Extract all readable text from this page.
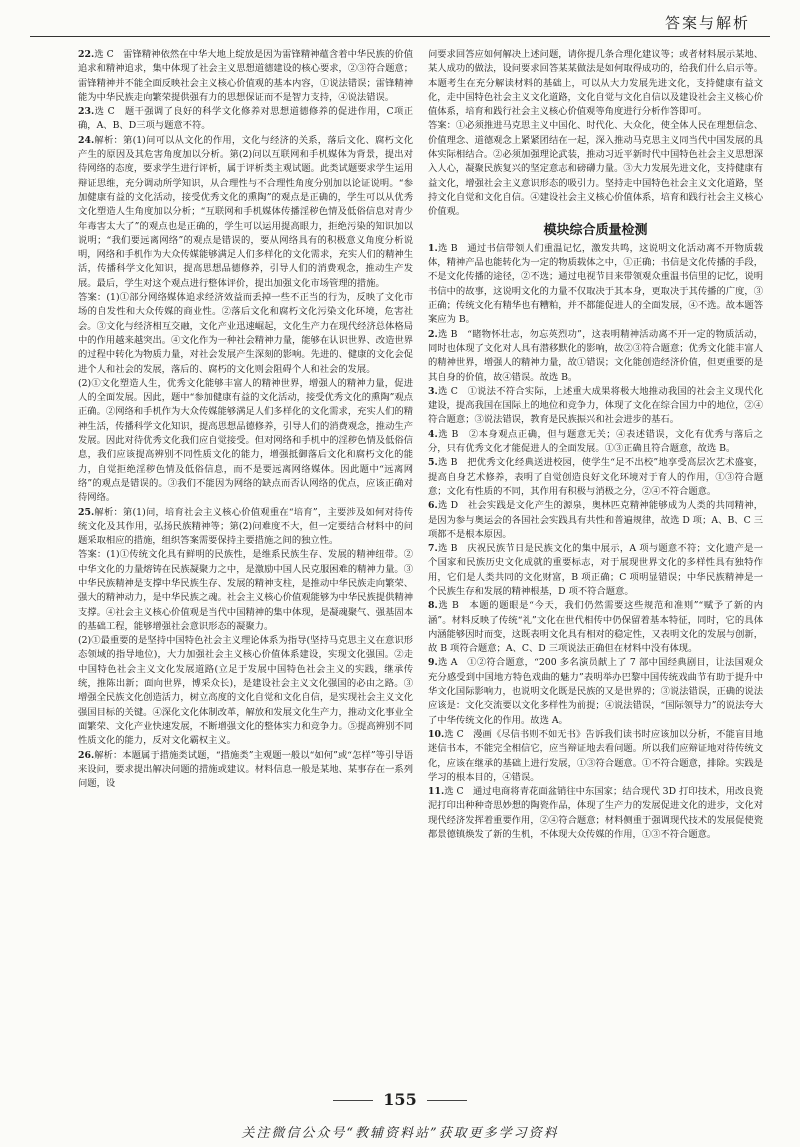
答案与解析
22.选 C　雷锋精神依然在中华大地上绽放是因为雷锋精神蕴含着中华民族的价值追求和精神追求，集中体现了社会主义思想道德建设的核心要求，②③符合题意；雷锋精神并不能全面反映社会主义核心价值观的基本内容，①说法错误；雷锋精神能为中华民族走向繁荣提供强有力的思想保证而不是智力支持，④说法错误。
23.选 C　题干强调了良好的科学文化修养对思想道德修养的促进作用，C项正确，A、B、D三项与题意不符。
24.解析：第(1)问可以从文化的作用，文化与经济的关系，落后文化、腐朽文化产生的原因及其危害角度加以分析。第(2)问以互联网和手机媒体为背景，提出对待网络的态度，要求学生进行评析，属于评析类主观试题。此类试题要求学生运用辩证思维，充分调动所学知识，从合理性与不合理性角度分别加以论证说明。“参加健康有益的文化活动，接受优秀文化的熏陶”的观点是正确的，学生可以从优秀文化塑造人生角度加以分析；“互联网和手机媒体传播淫秽色情及低俗信息对青少年毒害太大了”的观点也是正确的，学生可以运用提高眼力，拒绝污染的知识加以说明；“我们要远离网络”的观点是错误的，要从网络具有的积极意义角度分析说明，网络和手机作为大众传媒能够满足人们多样化的文化需求，充实人们的精神生活，传播科学文化知识，提高思想品德修养，引导人们的消费观念，推动生产发展。最后，学生对这个观点进行整体评价，提出加强文化市场管理的措施。
答案：(1)①部分网络媒体追求经济效益而丢掉一些不正当的行为，反映了文化市场的自发性和大众传媒的商业性。②落后文化和腐朽文化污染文化环境，危害社会。③文化与经济相互交融，文化产业迅速崛起，文化生产力在现代经济总体格局中的作用越来越突出。④文化作为一种社会精神力量，能够在认识世界、改造世界的过程中转化为物质力量，对社会发展产生深刻的影响。先进的、健康的文化会促进个人和社会的发展，落后的、腐朽的文化则会阻碍个人和社会的发展。
(2)①文化塑造人生，优秀文化能够丰富人的精神世界，增强人的精神力量，促进人的全面发展。因此，题中“参加健康有益的文化活动，接受优秀文化的熏陶”观点正确。②网络和手机作为大众传媒能够满足人们多样化的文化需求，充实人们的精神生活，传播科学文化知识，提高思想品德修养，引导人们的消费观念，推动生产发展。因此对待优秀文化我们应自觉接受。但对网络和手机中的淫秽色情及低俗信息，我们应该提高辨别不同性质文化的能力，增强抵御落后文化和腐朽文化的能力，自觉拒绝淫秽色情及低俗信息，而不是要远离网络媒体。因此题中“远离网络”的观点是错误的。③我们不能因为网络的缺点而否认网络的优点，应该正确对待网络。
25.解析：第(1)问，培育社会主义核心价值观重在“培育”，主要涉及如何对待传统文化及其作用，弘扬民族精神等；第(2)问难度不大，但一定要结合材料中的问题采取相应的措施，组织答案需要保持主要措施之间的独立性。
答案：(1)①传统文化具有鲜明的民族性，是维系民族生存、发展的精神纽带。②中华文化的力量熔铸在民族凝聚力之中，是激励中国人民克服困难的精神力量。③中华民族精神是支撑中华民族生存、发展的精神支柱，是推动中华民族走向繁荣、强大的精神动力，是中华民族之魂。社会主义核心价值观能够为中华民族提供精神支撑。④社会主义核心价值观是当代中国精神的集中体现，是凝魂聚气、强基固本的基础工程，能够增强社会意识形态的凝聚力。
(2)①最重要的是坚持中国特色社会主义理论体系为指导(坚持马克思主义在意识形态领域的指导地位)，大力加强社会主义核心价值体系建设，实现文化强国。②走中国特色社会主义文化发展道路(立足于发展中国特色社会主义的实践，继承传统，推陈出新；面向世界，博采众长)，是建设社会主义文化强国的必由之路。③增强全民族文化创造活力，树立高度的文化自觉和文化自信，是实现社会主义文化强国目标的关键。④深化文化体制改革，解放和发展文化生产力，推动文化事业全面繁荣、文化产业快速发展，不断增强文化的整体实力和竞争力。⑤提高辨别不同性质文化的能力，反对文化霸权主义。
26.解析：本题属于措施类试题，“措施类”主观题一般以“如何”或“怎样”等引导语来设问，要求提出解决问题的措施或建议。材料信息一般是某地、某事存在一系列问题，设
问要求回答应如何解决上述问题，请你提几条合理化建议等；或者材料展示某地、某人成功的做法，设问要求回答某某做法是如何取得成功的，给我们什么启示等。本题考生在充分解读材料的基础上，可以从大力发展先进文化，支持健康有益文化，走中国特色社会主义文化道路，文化自觉与文化自信以及建设社会主义核心价值体系，培育和践行社会主义核心价值观等角度进行分析作答即可。
答案：①必须推进马克思主义中国化、时代化、大众化，使全体人民在理想信念、价值理念、道德观念上紧紧团结在一起，深入推动马克思主义同当代中国发展的具体实际相结合。②必须加强理论武装，推动习近平新时代中国特色社会主义思想深入人心，凝聚民族复兴的坚定意志和磅礴力量。③大力发展先进文化，支持健康有益文化，增强社会主义意识形态的吸引力。坚持走中国特色社会主义文化道路，坚持文化自觉和文化自信。④建设社会主义核心价值体系，培育和践行社会主义核心价值观。
模块综合质量检测
1.选 B　通过书信带领人们重温记忆，激发共鸣，这说明文化活动离不开物质载体，精神产品也能转化为一定的物质载体之中，①正确；书信是文化传播的手段，不是文化传播的途径，②不选；通过电视节目来带领观众重温书信里的记忆，说明书信中的故事，这说明文化的力量不仅取决于其本身，更取决于其传播的广度，③正确；传统文化有精华也有糟粕，并不都能促进人的全面发展，④不选。故本题答案应为 B。
2.选 B　“睹物怀壮志，勿忘英烈功”，这表明精神活动离不开一定的物质活动，同时也体现了文化对人具有潜移默化的影响，故②③符合题意；优秀文化能丰富人的精神世界，增强人的精神力量，故①错误；文化能创造经济价值，但更重要的是其自身的价值，故④错误。故选 B。
3.选 C　①说法不符合实际，上述重大成果将极大地推动我国的社会主义现代化建设，提高我国在国际上的地位和竞争力，体现了文化在综合国力中的地位，②④符合题意；③说法错误，教育是民族振兴和社会进步的基石。
4.选 B　②本身观点正确，但与题意无关；④表述错误，文化有优秀与落后之分，只有优秀文化才能促进人的全面发展。①③正确且符合题意，故选 B。
5.选 B　把优秀文化经典送进校园，使学生“足不出校”地享受高层次艺术盛宴，提高自身艺术修养，表明了自觉创造良好文化环境对于育人的作用，①③符合题意；文化有性质的不同，其作用有积极与消极之分，②④不符合题意。
6.选 D　社会实践是文化产生的源泉，奥林匹克精神能够成为人类的共同精神，是因为参与奥运会的各国社会实践具有共性和普遍规律，故选 D 项；A、B、C 三项都不是根本原因。
7.选 B　庆祝民族节日是民族文化的集中展示，A 项与题意不符；文化遗产是一个国家和民族历史文化成就的重要标志，对于展现世界文化的多样性具有独特作用，它们是人类共同的文化财富，B 项正确；C 项明显错误；中华民族精神是一个民族生存和发展的精神根基，D 项不符合题意。
8.选 B　本题的题眼是“今天，我们仍然需要这些规范和准则”“赋予了新的内涵”。材料反映了传统“礼”文化在世代相传中仍保留着基本特征，同时，它的具体内涵能够因时而变，这既表明文化具有相对的稳定性，又表明文化的发展与创新，故 B 项符合题意；A、C、D 三项说法正确但在材料中没有体现。
9.选 A　①②符合题意，“200 多名演员献上了 7 部中国经典剧目，让法国观众充分感受到中国地方特色戏曲的魅力”表明举办巴黎中国传统戏曲节有助于提升中华文化国际影响力，也说明文化既是民族的又是世界的；③说法错误，正确的说法应该是：文化交流要以文化多样性为前提；④说法错误，“国际领导力”的说法夸大了中华传统文化的作用。故选 A。
10.选 C　漫画《尽信书则不如无书》告诉我们读书时应该加以分析，不能盲目地迷信书本，不能完全相信它，应当辩证地去看问题。所以我们应辩证地对待传统文化，应该在继承的基础上进行发展，①③符合题意。①不符合题意，排除。实践是学习的根本目的，④错误。
11.选 C　通过电商将青花面盆销往中东国家；结合现代 3D 打印技术，用改良瓷泥打印出种种奇思妙想的陶瓷作品，体现了生产力的发展促进文化的进步，文化对现代经济发挥着重要作用，②④符合题意；材料侧重于强调现代技术的发展促使瓷都景德镇焕发了新的生机，不体现大众传媒的作用，①③不符合题意。
155
关注微信公众号“教辅资料站”获取更多学习资料
